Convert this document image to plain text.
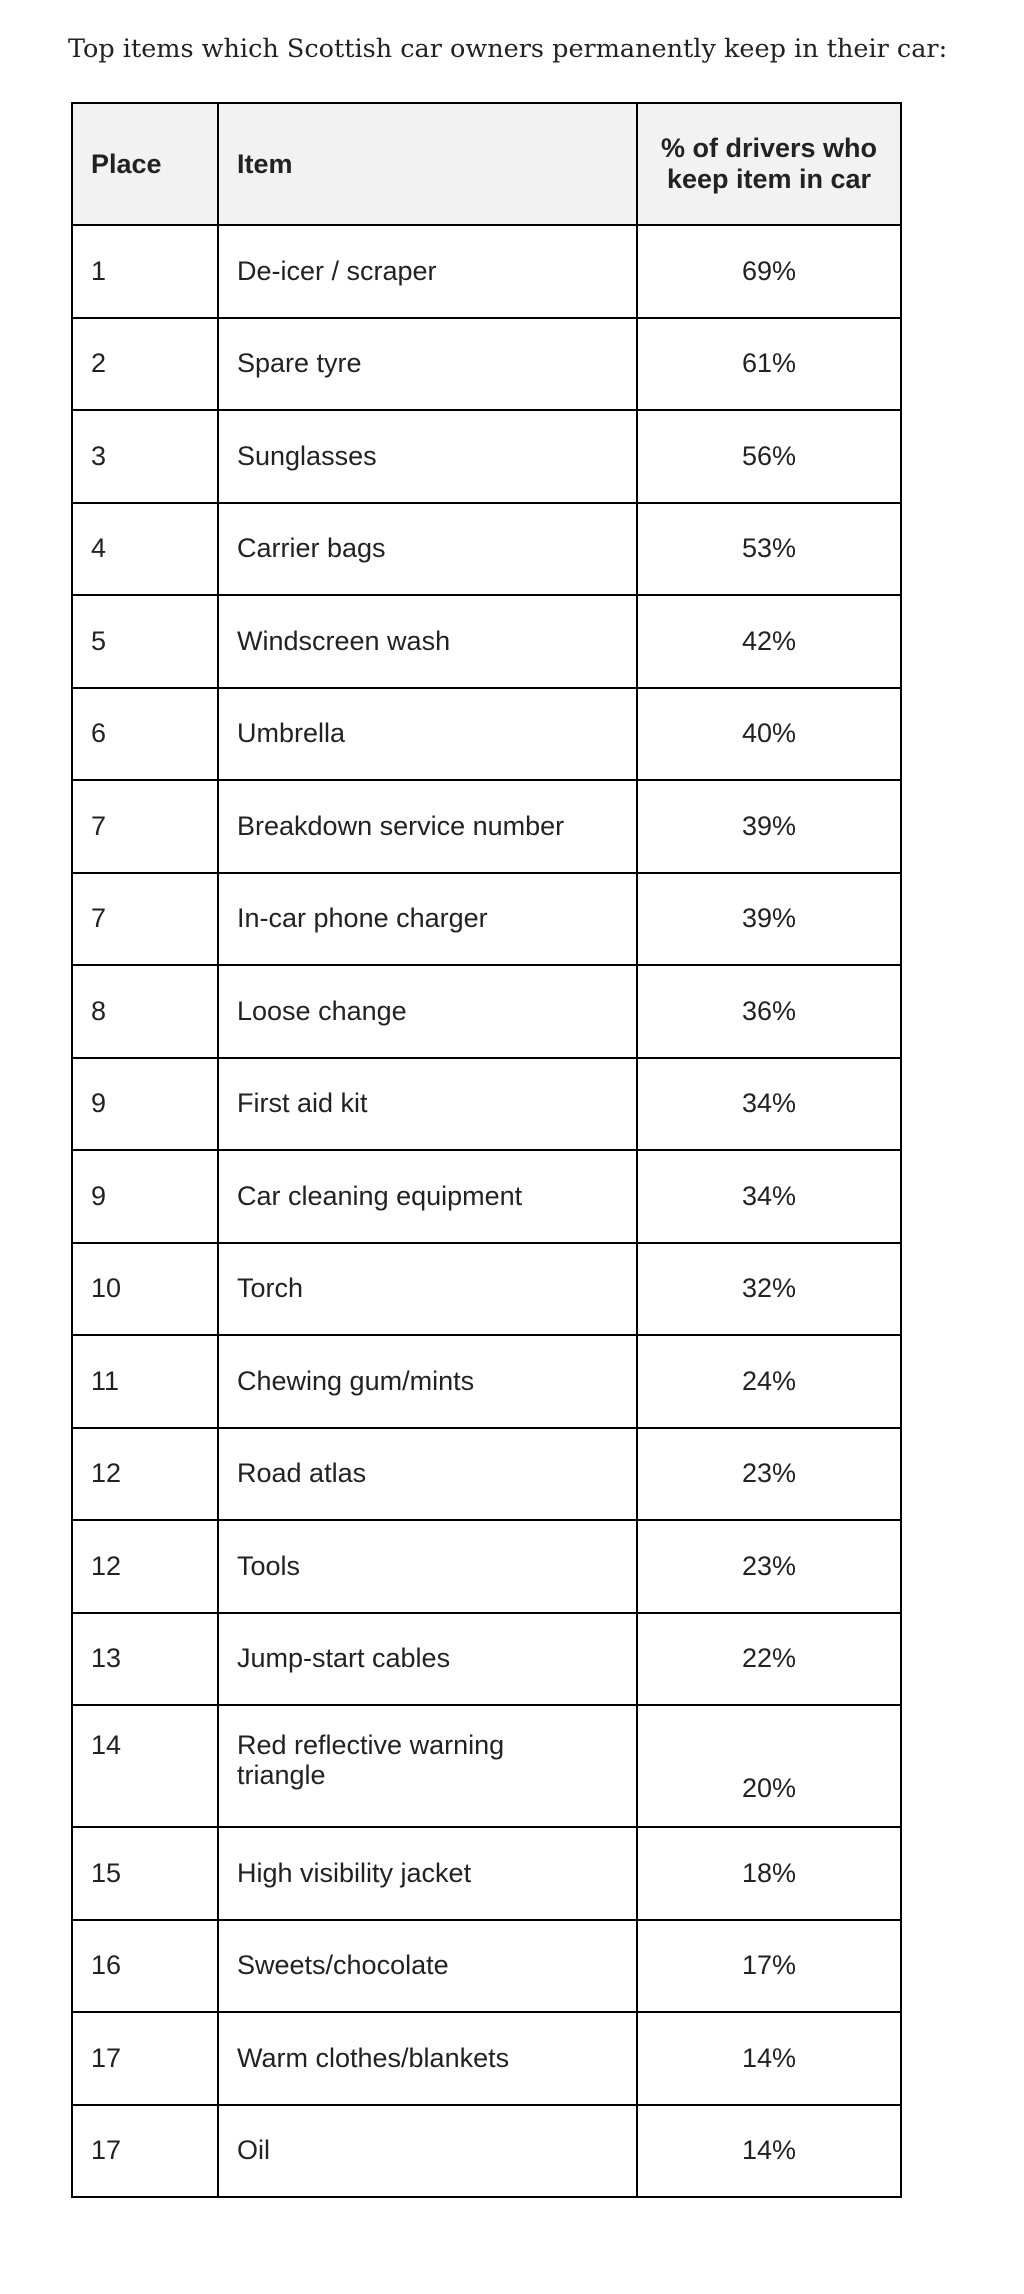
Top items which Scottish car owners permanently keep in their car:
Place	Item	% of drivers who keep item in car
1	De-icer / scraper	69%
2	Spare tyre	61%
3	Sunglasses	56%
4	Carrier bags	53%
5	Windscreen wash	42%
6	Umbrella	40%
7	Breakdown service number	39%
7	In-car phone charger	39%
8	Loose change	36%
9	First aid kit	34%
9	Car cleaning equipment	34%
10	Torch	32%
11	Chewing gum/mints	24%
12	Road atlas	23%
12	Tools	23%
13	Jump-start cables	22%
14	Red reflective warning triangle	20%
15	High visibility jacket	18%
16	Sweets/chocolate	17%
17	Warm clothes/blankets	14%
17	Oil	14%
